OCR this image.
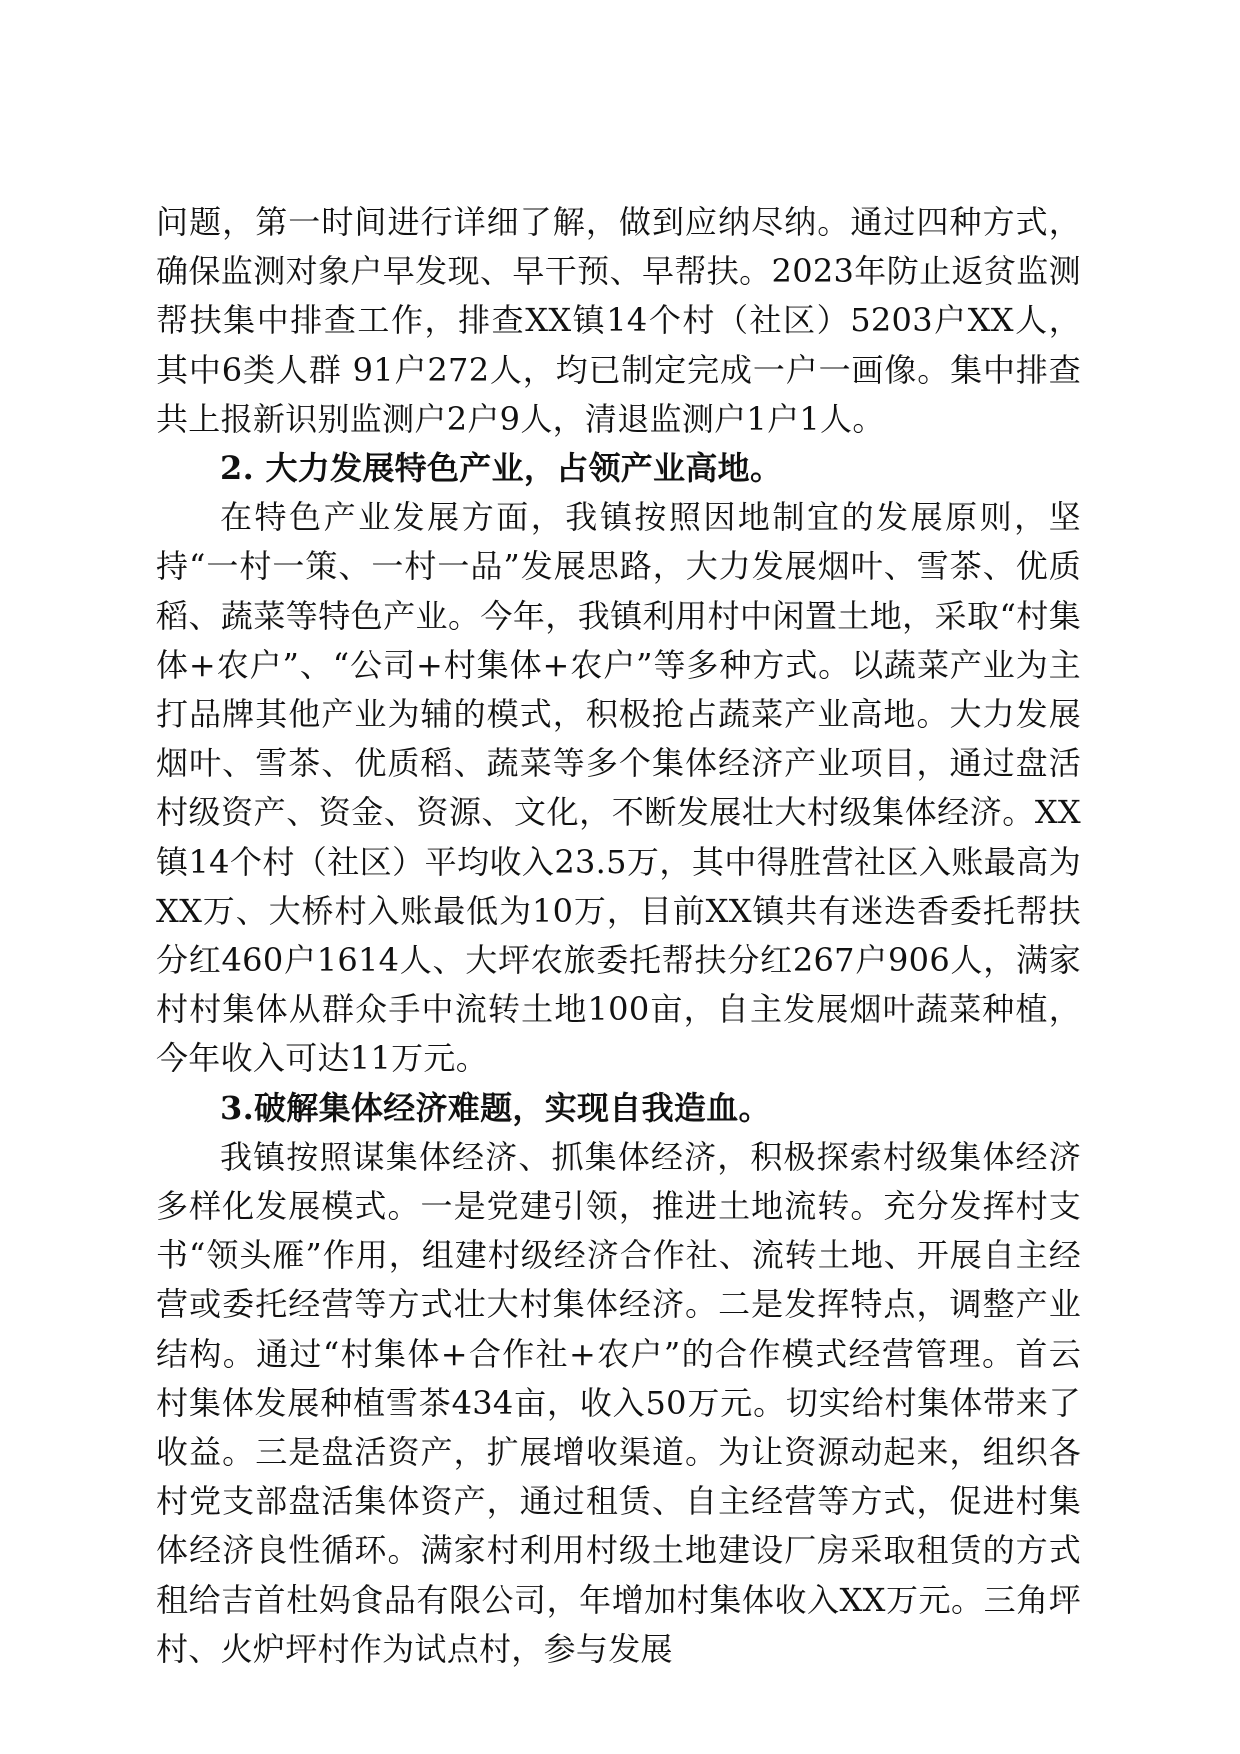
问题，第一时间进行详细了解，做到应纳尽纳。通过四种方式，确保监测对象户早发现、早干预、早帮扶。2023年防止返贫监测帮扶集中排查工作，排查XX镇14个村（社区）5203户XX人，其中6类人群 91户272人，均已制定完成一户一画像。集中排查共上报新识别监测户2户9人，清退监测户1户1人。

2. 大力发展特色产业，占领产业高地。

在特色产业发展方面，我镇按照因地制宜的发展原则，坚持“一村一策、一村一品”发展思路，大力发展烟叶、雪茶、优质稻、蔬菜等特色产业。今年，我镇利用村中闲置土地，采取“村集体+农户”、“公司+村集体+农户”等多种方式。以蔬菜产业为主打品牌其他产业为辅的模式，积极抢占蔬菜产业高地。大力发展烟叶、雪茶、优质稻、蔬菜等多个集体经济产业项目，通过盘活村级资产、资金、资源、文化，不断发展壮大村级集体经济。XX镇14个村（社区）平均收入23.5万，其中得胜营社区入账最高为XX万、大桥村入账最低为10万，目前XX镇共有迷迭香委托帮扶分红460户1614人、大坪农旅委托帮扶分红267户906人，满家村村集体从群众手中流转土地100亩，自主发展烟叶蔬菜种植，今年收入可达11万元。

3.破解集体经济难题，实现自我造血。

我镇按照谋集体经济、抓集体经济，积极探索村级集体经济多样化发展模式。一是党建引领，推进土地流转。充分发挥村支书“领头雁”作用，组建村级经济合作社、流转土地、开展自主经营或委托经营等方式壮大村集体经济。二是发挥特点，调整产业结构。通过“村集体+合作社+农户”的合作模式经营管理。首云村集体发展种植雪茶434亩，收入50万元。切实给村集体带来了收益。三是盘活资产，扩展增收渠道。为让资源动起来，组织各村党支部盘活集体资产，通过租赁、自主经营等方式，促进村集体经济良性循环。满家村利用村级土地建设厂房采取租赁的方式租给吉首杜妈食品有限公司，年增加村集体收入XX万元。三角坪村、火炉坪村作为试点村，参与发展
